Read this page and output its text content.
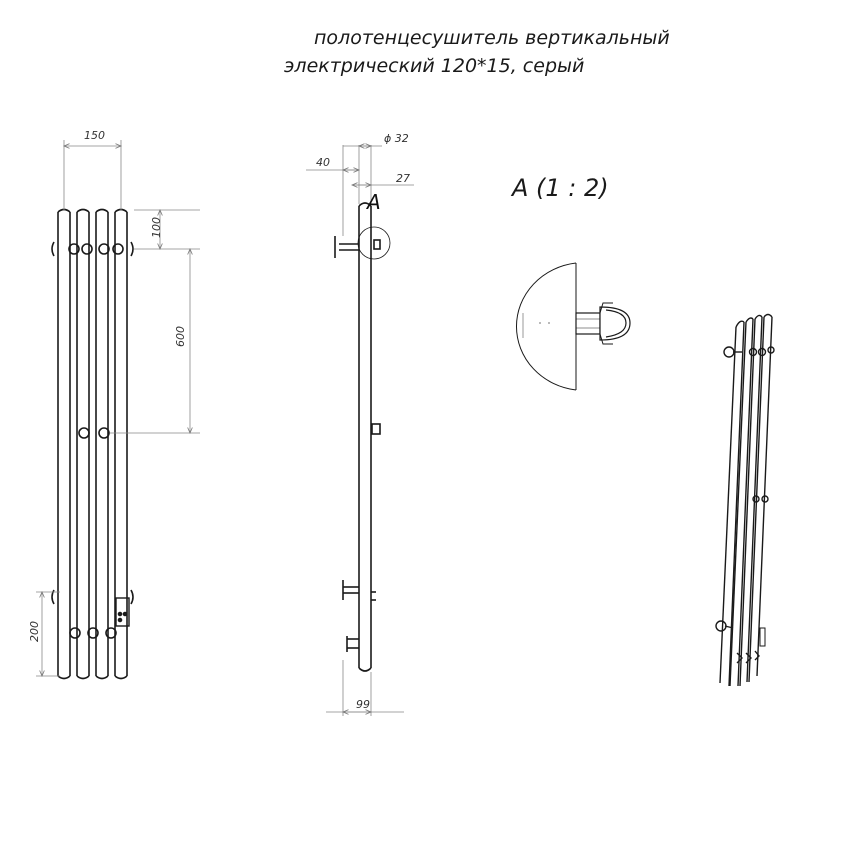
полотенцесушитель вертикальный
электрический 120*15, серый
A (1 : 2)
150
100
600
200
ϕ 32
40
27
99
A
